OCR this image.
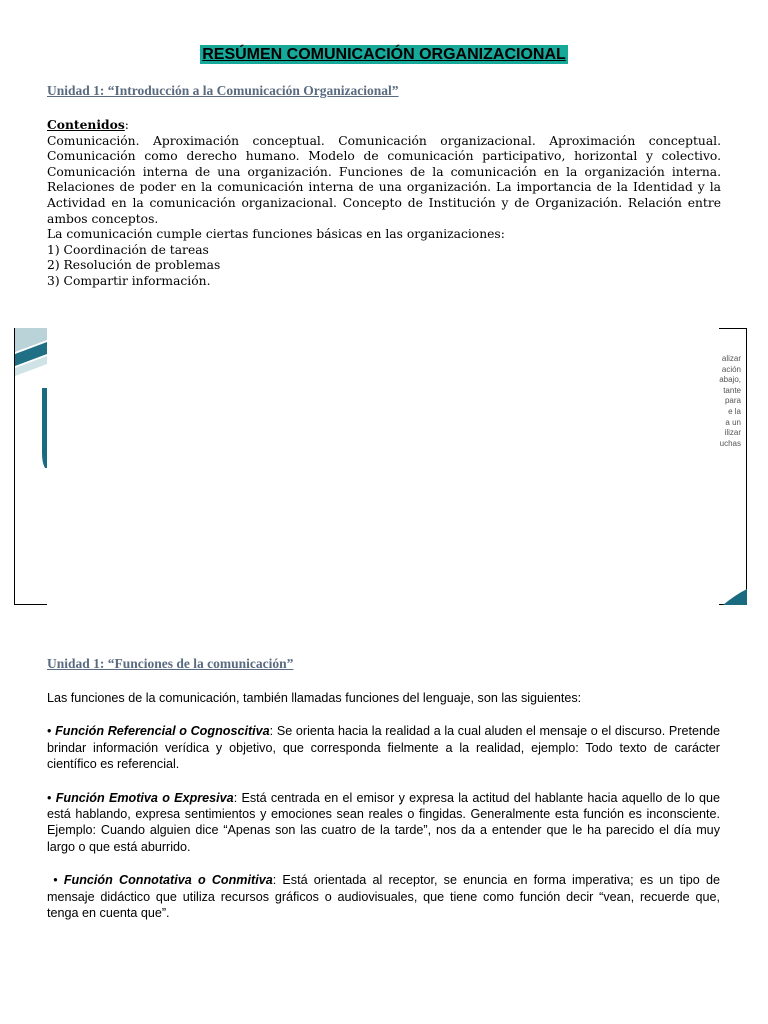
RESÚMEN COMUNICACIÓN ORGANIZACIONAL
Unidad 1: “Introducción a la Comunicación Organizacional”
Contenidos:
Comunicación. Aproximación conceptual. Comunicación organizacional. Aproximación conceptual. Comunicación como derecho humano. Modelo de comunicación participativo, horizontal y colectivo. Comunicación interna de una organización. Funciones de la comunicación en la organización interna. Relaciones de poder en la comunicación interna de una organización. La importancia de la Identidad y la Actividad en la comunicación organizacional. Concepto de Institución y de Organización. Relación entre ambos conceptos.
La comunicación cumple ciertas funciones básicas en las organizaciones:
1) Coordinación de tareas
2) Resolución de problemas
3) Compartir información.
alizar
ación
abajo,
tante
para
e la
a un
ilizar
uchas
Unidad 1: “Funciones de la comunicación”

Las funciones de la comunicación, también llamadas funciones del lenguaje, son las siguientes:

• Función Referencial o Cognoscitiva: Se orienta hacia la realidad a la cual aluden el mensaje o el discurso. Pretende brindar información verídica y objetivo, que corresponda fielmente a la realidad, ejemplo: Todo texto de carácter científico es referencial.

• Función Emotiva o Expresiva: Está centrada en el emisor y expresa la actitud del hablante hacia aquello de lo que está hablando, expresa sentimientos y emociones sean reales o fingidas. Generalmente esta función es inconsciente. Ejemplo: Cuando alguien dice “Apenas son las cuatro de la tarde”, nos da a entender que le ha parecido el día muy largo o que está aburrido.

• Función Connotativa o Conmitiva: Está orientada al receptor, se enuncia en forma imperativa; es un tipo de mensaje didáctico que utiliza recursos gráficos o audiovisuales, que tiene como función decir “vean, recuerde que, tenga en cuenta que”.
